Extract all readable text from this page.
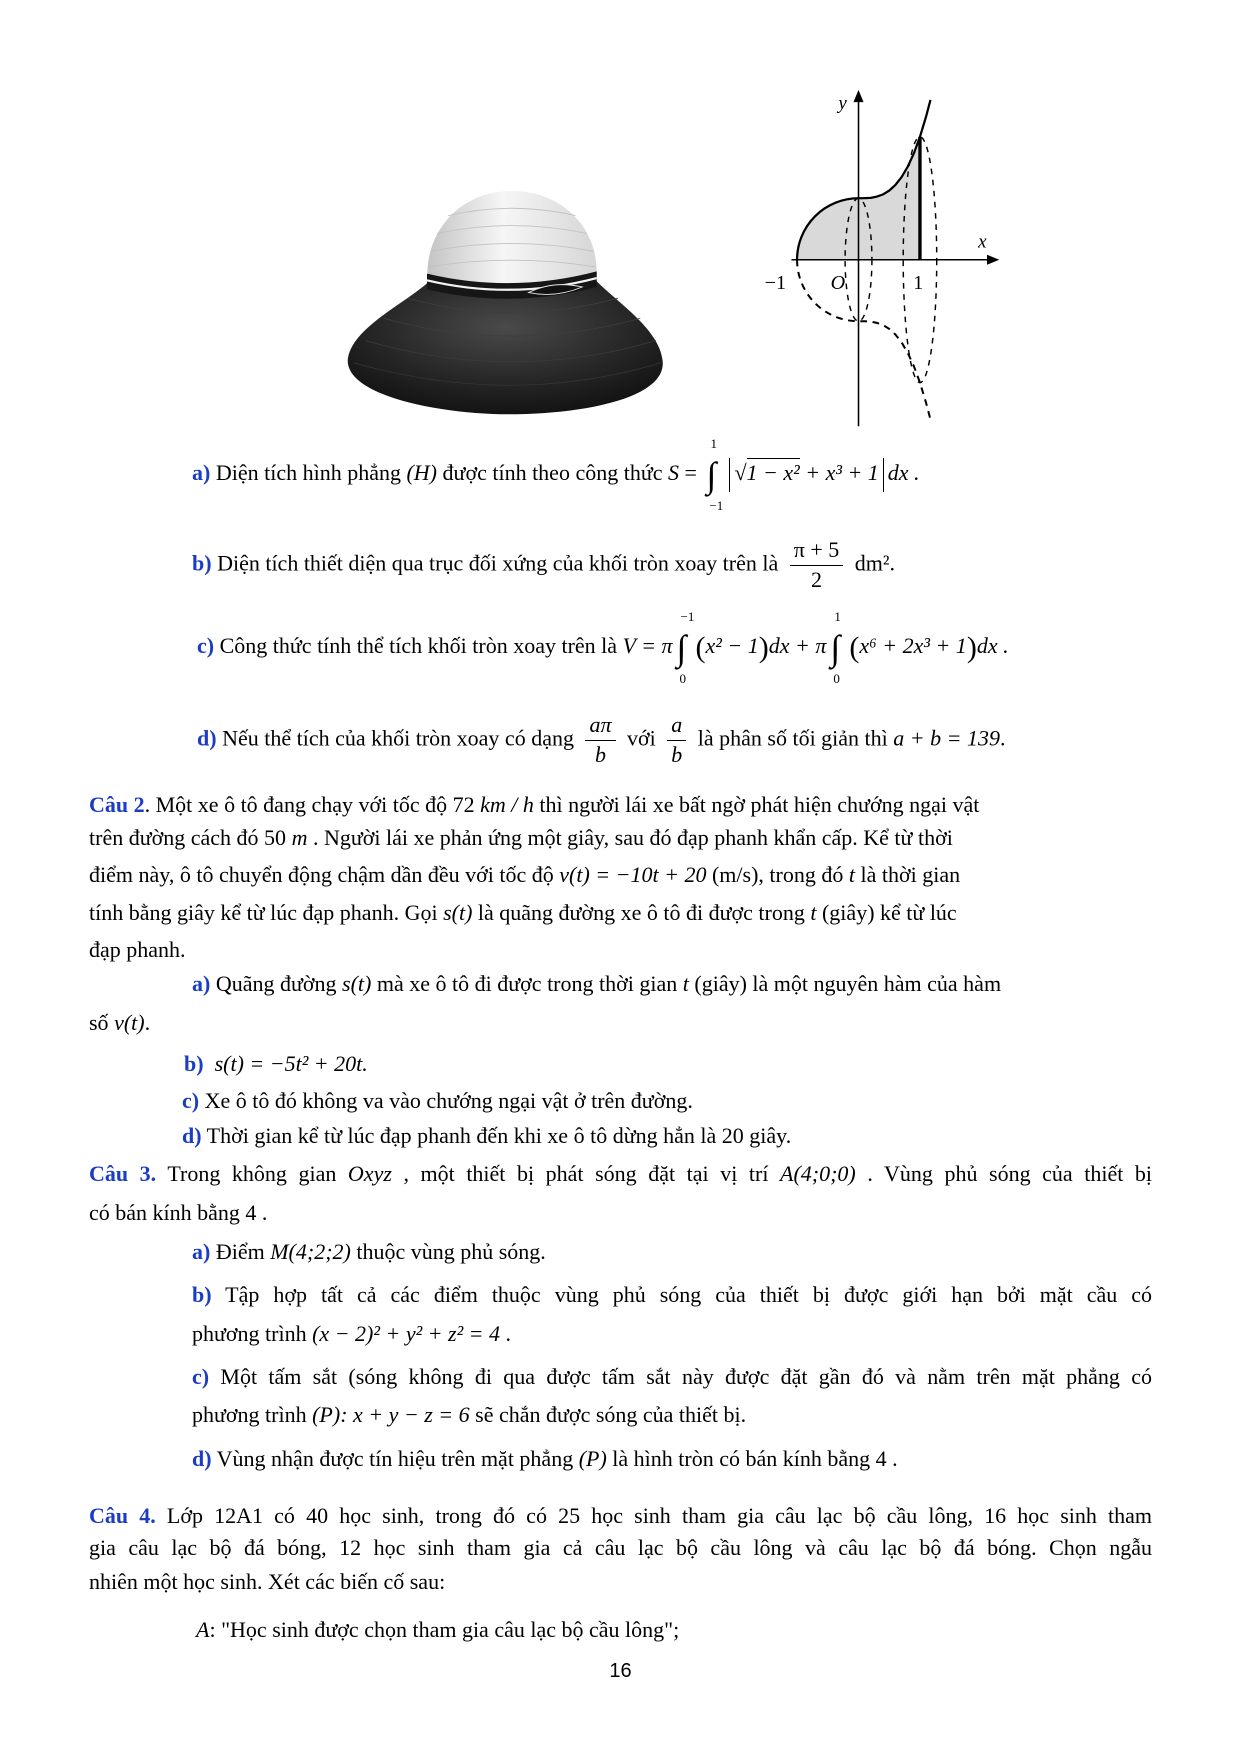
y
x
−1 O	1
a) Diện tích hình phẳng (H) được tính theo công thức S = ∫
1
−1
√1 − x² + x³ + 1 dx .
b) Diện tích thiết diện qua trục đối xứng của khối tròn xoay trên là $\frac{\pi + 5}{2} dm^2$.
c) Công thức tính thể tích khối tròn xoay trên là V = π ∫
−1
0
(x² − 1)dx + π ∫
1
0
(x⁶ + 2x³ + 1)dx .
d) Nếu thể tích của khối tròn xoay có dạng $\frac{a\pi}{b}$ với $\frac{a}{b}$ là phân số tối giản thì a + b = 139.
Câu 2. Một xe ô tô đang chạy với tốc độ 72 km / h thì người lái xe bất ngờ phát hiện chướng ngại vật
trên đường cách đó 50 m . Người lái xe phản ứng một giây, sau đó đạp phanh khẩn cấp. Kể từ thời
điểm này, ô tô chuyển động chậm dần đều với tốc độ v(t) = −10t + 20 (m/s), trong đó t là thời gian
tính bằng giây kể từ lúc đạp phanh. Gọi s(t) là quãng đường xe ô tô đi được trong t (giây) kể từ lúc
đạp phanh.
a) Quãng đường s(t) mà xe ô tô đi được trong thời gian t (giây) là một nguyên hàm của hàm
số v(t).
b)  s(t) = −5t² + 20t.
c) Xe ô tô đó không va vào chướng ngại vật ở trên đường.
d) Thời gian kể từ lúc đạp phanh đến khi xe ô tô dừng hẳn là 20 giây.
Câu 3. Trong không gian Oxyz , một thiết bị phát sóng đặt tại vị trí A(4;0;0) . Vùng phủ sóng của thiết bị
có bán kính bằng 4 .
a) Điểm M(4;2;2) thuộc vùng phủ sóng.
b) Tập hợp tất cả các điểm thuộc vùng phủ sóng của thiết bị được giới hạn bởi mặt cầu có
phương trình (x − 2)² + y² + z² = 4 .
c) Một tấm sắt (sóng không đi qua được tấm sắt này được đặt gần đó và nằm trên mặt phẳng có
phương trình (P): x + y − z = 6 sẽ chắn được sóng của thiết bị.
d) Vùng nhận được tín hiệu trên mặt phẳng (P) là hình tròn có bán kính bằng 4 .
Câu 4. Lớp 12A1 có 40 học sinh, trong đó có 25 học sinh tham gia câu lạc bộ cầu lông, 16 học sinh tham
gia câu lạc bộ đá bóng, 12 học sinh tham gia cả câu lạc bộ cầu lông và câu lạc bộ đá bóng. Chọn ngẫu
nhiên một học sinh. Xét các biến cố sau:
A: "Học sinh được chọn tham gia câu lạc bộ cầu lông";
16
